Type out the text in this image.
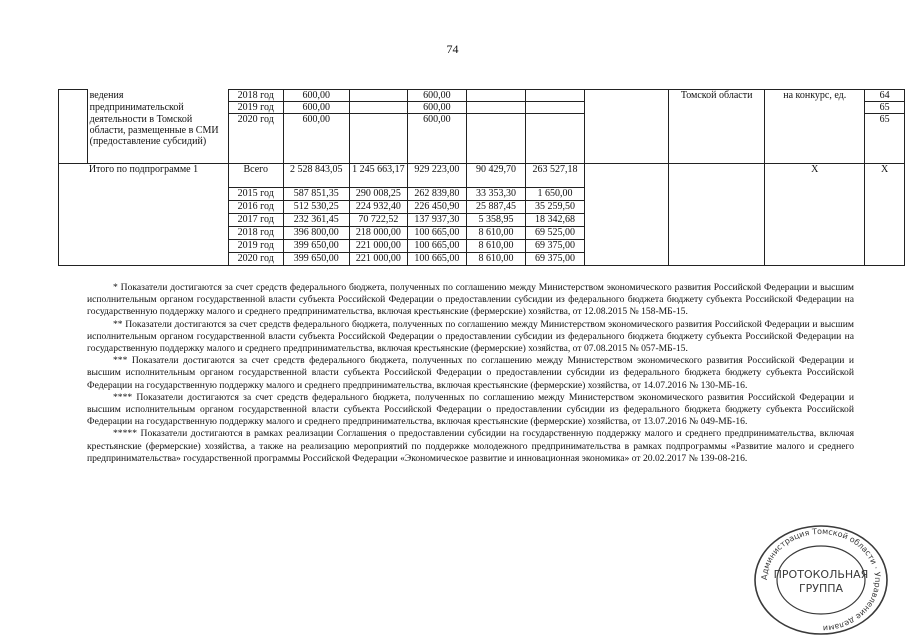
74
	ведения	2018 год	600,00		600,00				Томской области	на конкурс, ед.	64
	предпринимательской	2019 год	600,00		600,00						65
	деятельности в Томской области, размещенные в СМИ (предоставление субсидий)	2020 год	600,00		600,00						65
Итого по подпрограмме 1		Всего	2 528 843,05	1 245 663,17	929 223,00	90 429,70	263 527,18			X	X
		2015 год	587 851,35	290 008,25	262 839,80	33 353,30	1 650,00				
		2016 год	512 530,25	224 932,40	226 450,90	25 887,45	35 259,50				
		2017 год	232 361,45	70 722,52	137 937,30	5 358,95	18 342,68				
		2018 год	396 800,00	218 000,00	100 665,00	8 610,00	69 525,00				
		2019 год	399 650,00	221 000,00	100 665,00	8 610,00	69 375,00				
		2020 год	399 650,00	221 000,00	100 665,00	8 610,00	69 375,00				

* Показатели достигаются за счет средств федерального бюджета, полученных по соглашению между Министерством экономического развития Российской Федерации и высшим исполнительным органом государственной власти субъекта Российской Федерации о предоставлении субсидии из федерального бюджета бюджету субъекта Российской Федерации на государственную поддержку малого и среднего предпринимательства, включая крестьянские (фермерские) хозяйства, от 12.08.2015 № 158-МБ-15.

** Показатели достигаются за счет средств федерального бюджета, полученных по соглашению между Министерством экономического развития Российской Федерации и высшим исполнительным органом государственной власти субъекта Российской Федерации о предоставлении субсидии из федерального бюджета бюджету субъекта Российской Федерации на государственную поддержку малого и среднего предпринимательства, включая крестьянские (фермерские) хозяйства, от 07.08.2015 № 057-МБ-15.

*** Показатели достигаются за счет средств федерального бюджета, полученных по соглашению между Министерством экономического развития Российской Федерации и высшим исполнительным органом государственной власти субъекта Российской Федерации о предоставлении субсидии из федерального бюджета бюджету субъекта Российской Федерации на государственную поддержку малого и среднего предпринимательства, включая крестьянские (фермерские) хозяйства, от 14.07.2016 № 130-МБ-16.

**** Показатели достигаются за счет средств федерального бюджета, полученных по соглашению между Министерством экономического развития Российской Федерации и высшим исполнительным органом государственной власти субъекта Российской Федерации о предоставлении субсидии из федерального бюджета бюджету субъекта Российской Федерации на государственную поддержку малого и среднего предпринимательства, включая крестьянские (фермерские) хозяйства, от 13.07.2016 № 049-МБ-16.

***** Показатели достигаются в рамках реализации Соглашения о предоставлении субсидии на государственную поддержку малого и среднего предпринимательства, включая крестьянские (фермерские) хозяйства, а также на реализацию мероприятий по поддержке молодежного предпринимательства в рамках подпрограммы «Развитие малого и среднего предпринимательства» государственной программы Российской Федерации «Экономическое развитие и инновационная экономика» от 20.02.2017 № 139-08-216.

Администрация Томской области · Управление делами
ПРОТОКОЛЬНАЯ
ГРУППА
